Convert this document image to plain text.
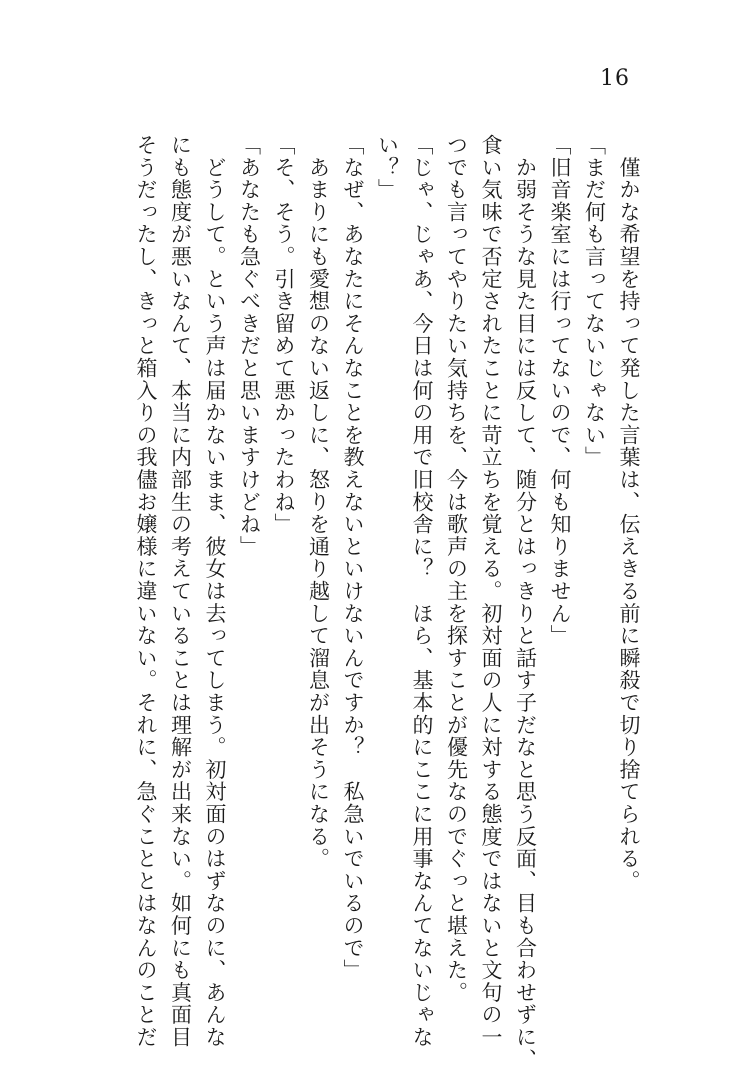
16
　僅かな希望を持って発した言葉は、伝えきる前に瞬殺で切り捨てられる。
「まだ何も言ってないじゃない」
「旧音楽室には行ってないので、何も知りません」
　か弱そうな見た目には反して、随分とはっきりと話す子だなと思う反面、目も合わせずに、
食い気味で否定されたことに苛立ちを覚える。初対面の人に対する態度ではないと文句の一
つでも言ってやりたい気持ちを、今は歌声の主を探すことが優先なのでぐっと堪えた。
「じゃ、じゃあ、今日は何の用で旧校舎に？　ほら、基本的にここに用事なんてないじゃな
い？」
「なぜ、あなたにそんなことを教えないといけないんですか？　私急いでいるので」
　あまりにも愛想のない返しに、怒りを通り越して溜息が出そうになる。
「そ、そう。引き留めて悪かったわね」
「あなたも急ぐべきだと思いますけどね」
　どうして。という声は届かないまま、彼女は去ってしまう。初対面のはずなのに、あんな
にも態度が悪いなんて、本当に内部生の考えていることは理解が出来ない。如何にも真面目
そうだったし、きっと箱入りの我儘お嬢様に違いない。それに、急ぐこととはなんのことだ
